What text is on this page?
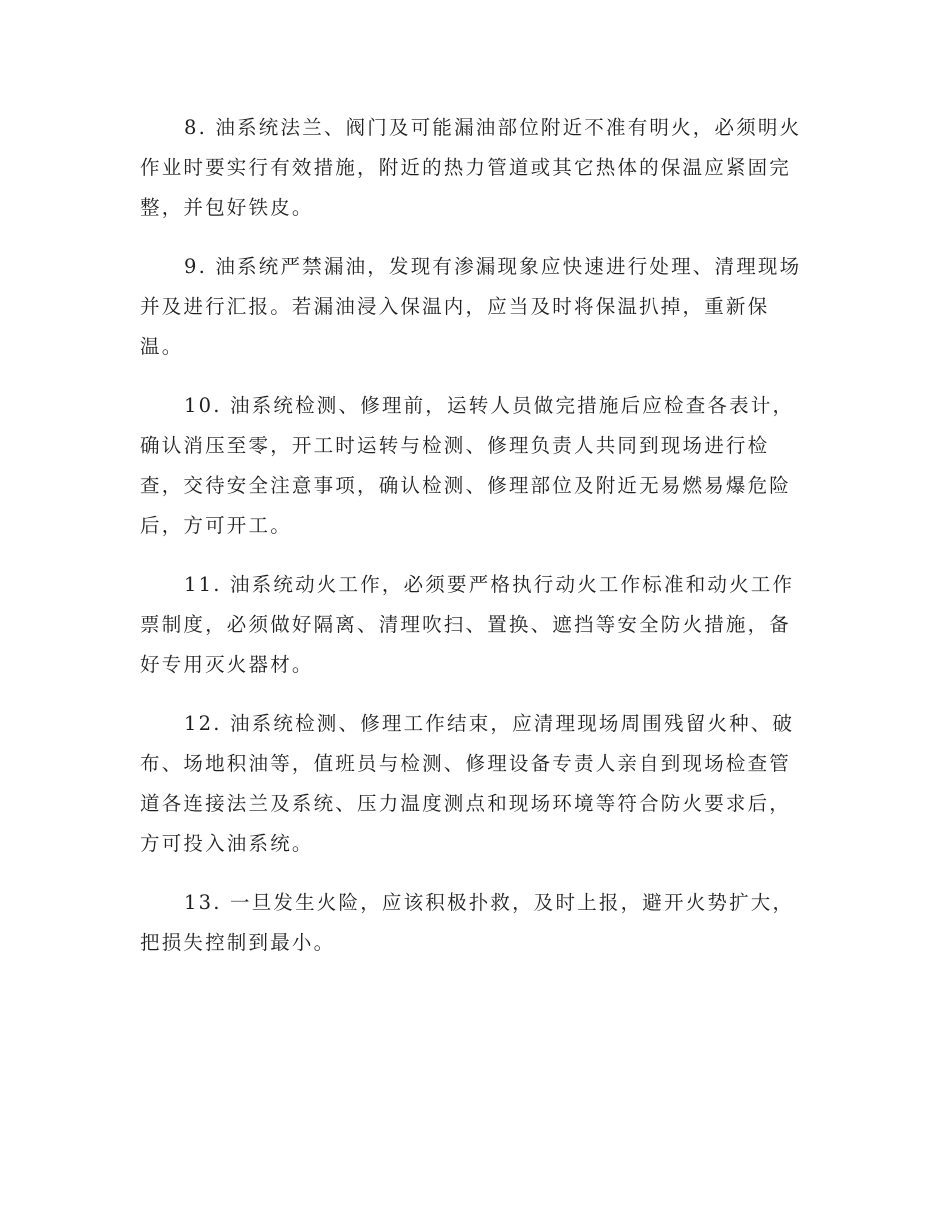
8. 油系统法兰、阀门及可能漏油部位附近不准有明火，必须明火
作业时要实行有效措施，附近的热力管道或其它热体的保温应紧固完
整，并包好铁皮。

9. 油系统严禁漏油，发现有渗漏现象应快速进行处理、清理现场
并及进行汇报。若漏油浸入保温内，应当及时将保温扒掉，重新保
温。

10. 油系统检测、修理前，运转人员做完措施后应检查各表计，
确认消压至零，开工时运转与检测、修理负责人共同到现场进行检
查，交待安全注意事项，确认检测、修理部位及附近无易燃易爆危险
后，方可开工。

11. 油系统动火工作，必须要严格执行动火工作标准和动火工作
票制度，必须做好隔离、清理吹扫、置换、遮挡等安全防火措施，备
好专用灭火器材。

12. 油系统检测、修理工作结束，应清理现场周围残留火种、破
布、场地积油等，值班员与检测、修理设备专责人亲自到现场检查管
道各连接法兰及系统、压力温度测点和现场环境等符合防火要求后，
方可投入油系统。

13. 一旦发生火险，应该积极扑救，及时上报，避开火势扩大，
把损失控制到最小。
